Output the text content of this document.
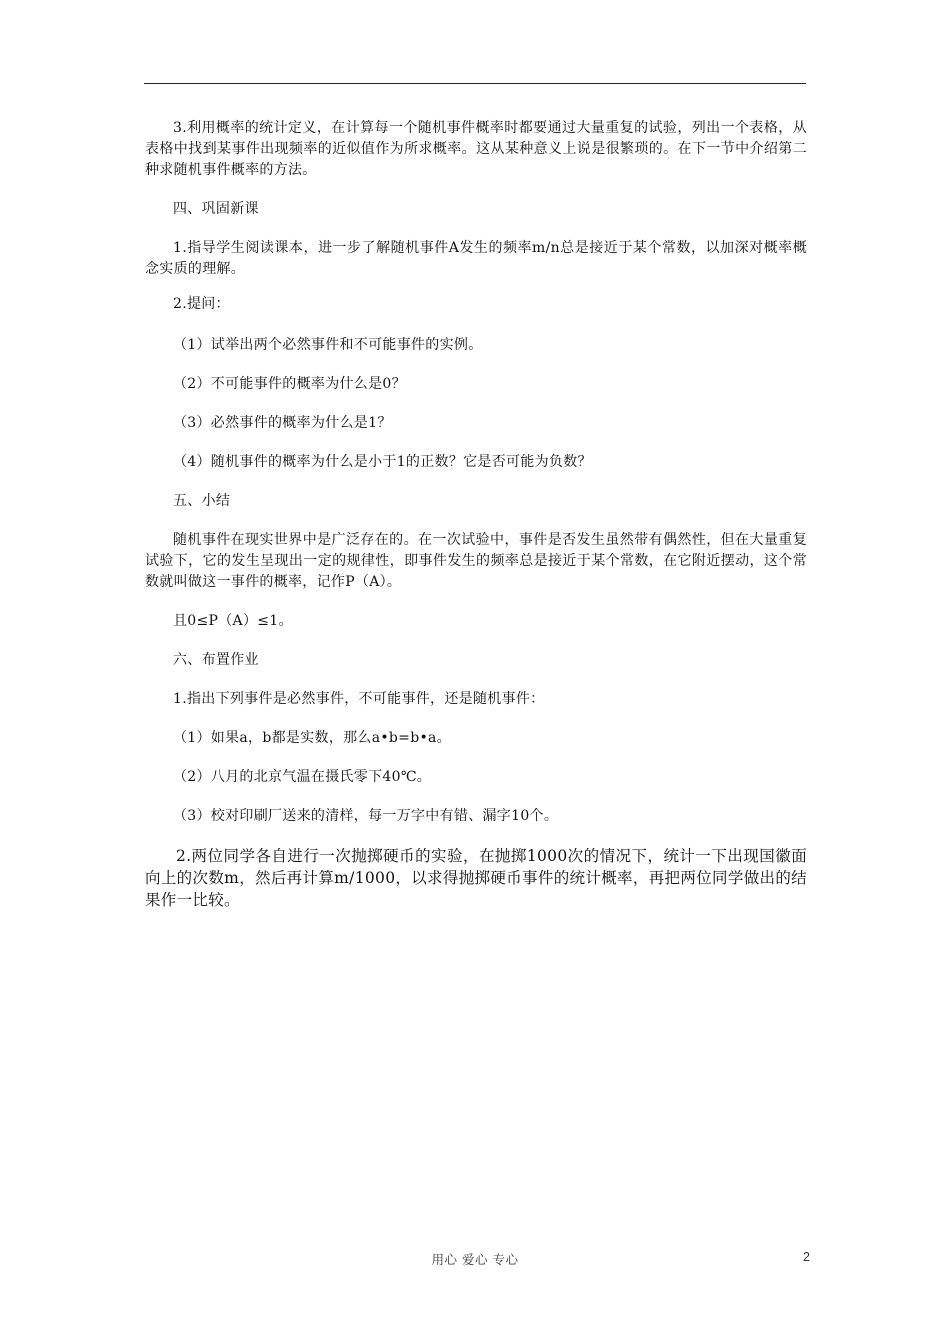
3.利用概率的统计定义，在计算每一个随机事件概率时都要通过大量重复的试验，列出一个表格，从表格中找到某事件出现频率的近似值作为所求概率。这从某种意义上说是很繁琐的。在下一节中介绍第二种求随机事件概率的方法。

四、巩固新课

1.指导学生阅读课本，进一步了解随机事件A发生的频率m/n总是接近于某个常数，以加深对概率概念实质的理解。

2.提问：

（1）试举出两个必然事件和不可能事件的实例。

（2）不可能事件的概率为什么是0？

（3）必然事件的概率为什么是1？

（4）随机事件的概率为什么是小于1的正数？它是否可能为负数？

五、小结

随机事件在现实世界中是广泛存在的。在一次试验中，事件是否发生虽然带有偶然性，但在大量重复试验下，它的发生呈现出一定的规律性，即事件发生的频率总是接近于某个常数，在它附近摆动，这个常数就叫做这一事件的概率，记作P（A）。

且0≤P（A）≤1。

六、布置作业

1.指出下列事件是必然事件，不可能事件，还是随机事件：

（1）如果a，b都是实数，那么a•b=b•a。

（2）八月的北京气温在摄氏零下40℃。

（3）校对印刷厂送来的清样，每一万字中有错、漏字10个。

2.两位同学各自进行一次抛掷硬币的实验，在抛掷1000次的情况下，统计一下出现国徽面向上的次数m，然后再计算m/1000，以求得抛掷硬币事件的统计概率，再把两位同学做出的结果作一比较。

用心 爱心 专心	2
